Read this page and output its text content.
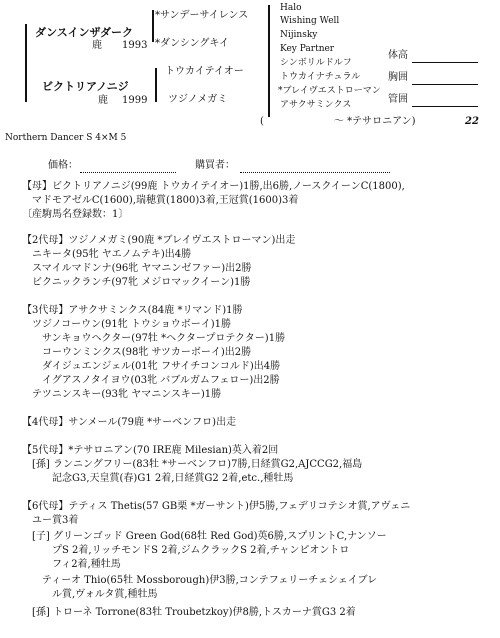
ダンスインザダーク
鹿 1993
ビクトリアノニジ
鹿 1999
*サンデーサイレンス
*ダンシングキイ
トウカイテイオー
ツジノメガミ
Halo
Wishing Well
Nijinsky
Key Partner
シンボリルドルフ
トウカイナチュラル
*ブレイヴエストローマン
アサクサミンクス
体高
胸囲
管囲
(　　　　　　　〜 *テサロニアン)	22
Northern Dancer S 4×M 5
価格：	購買者：
【母】ビクトリアノニジ(99鹿 トウカイテイオー)1勝,出6勝,ノースクイーンC(1800),
　マドモアゼルC(1600),瑞穂賞(1800)3着,王冠賞(1600)3着
〔産駒馬名登録数：1〕
【2代母】ツジノメガミ(90鹿 *ブレイヴエストローマン)出走
　ニキータ(95牝 ヤエノムテキ)出4勝
　スマイルマドンナ(96牝 ヤマニンゼファー)出2勝
　ビクニックランチ(97牝 メジロマックイーン)1勝
【3代母】アサクサミンクス(84鹿 *リマンド)1勝
　ツジノコーウン(91牝 トウショウボーイ)1勝
　　サンキョウヘクター(97牡 *ヘクタープロテクター)1勝
　　コーウンミンクス(98牝 サツカーボーイ)出2勝
　　ダイジュエンジェル(01牝 フサイチコンコルド)出4勝
　　イグアスノタイヨウ(03牝 バブルガムフェロー)出2勝
　テツニンスキー(93牝 ヤマニンスキー)1勝
【4代母】サンメール(79鹿 *サーベンフロ)出走
【5代母】*テサロニアン(70 IRE鹿 Milesian)英入着2回
　[孫] ランニングフリー(83牡 *サーベンフロ)7勝,日経賞G2,AJCCG2,福島
　　　記念G3,天皇賞(春)G1 2着,日経賞G2 2着,etc.,種牡馬
【6代母】テティス Thetis(57 GB栗 *ガーサント)伊5勝,フェデリコテシオ賞,アヴェニ
　ユー賞3着
　[子] グリーンゴッド Green God(68牡 Red God)英6勝,スプリントC,ナンソー
　　　プS 2着,リッチモンドS 2着,ジムクラックS 2着,チャンピオントロ
　　　フィ2着,種牡馬
　　ティーオ Thio(65牡 Mossborough)伊3勝,コンテフェリーチェシェイブレ
　　　ル賞,ヴォルタ賞,種牡馬
　[孫] トローネ Torrone(83牡 Troubetzkoy)伊8勝,トスカーナ賞G3 2着
